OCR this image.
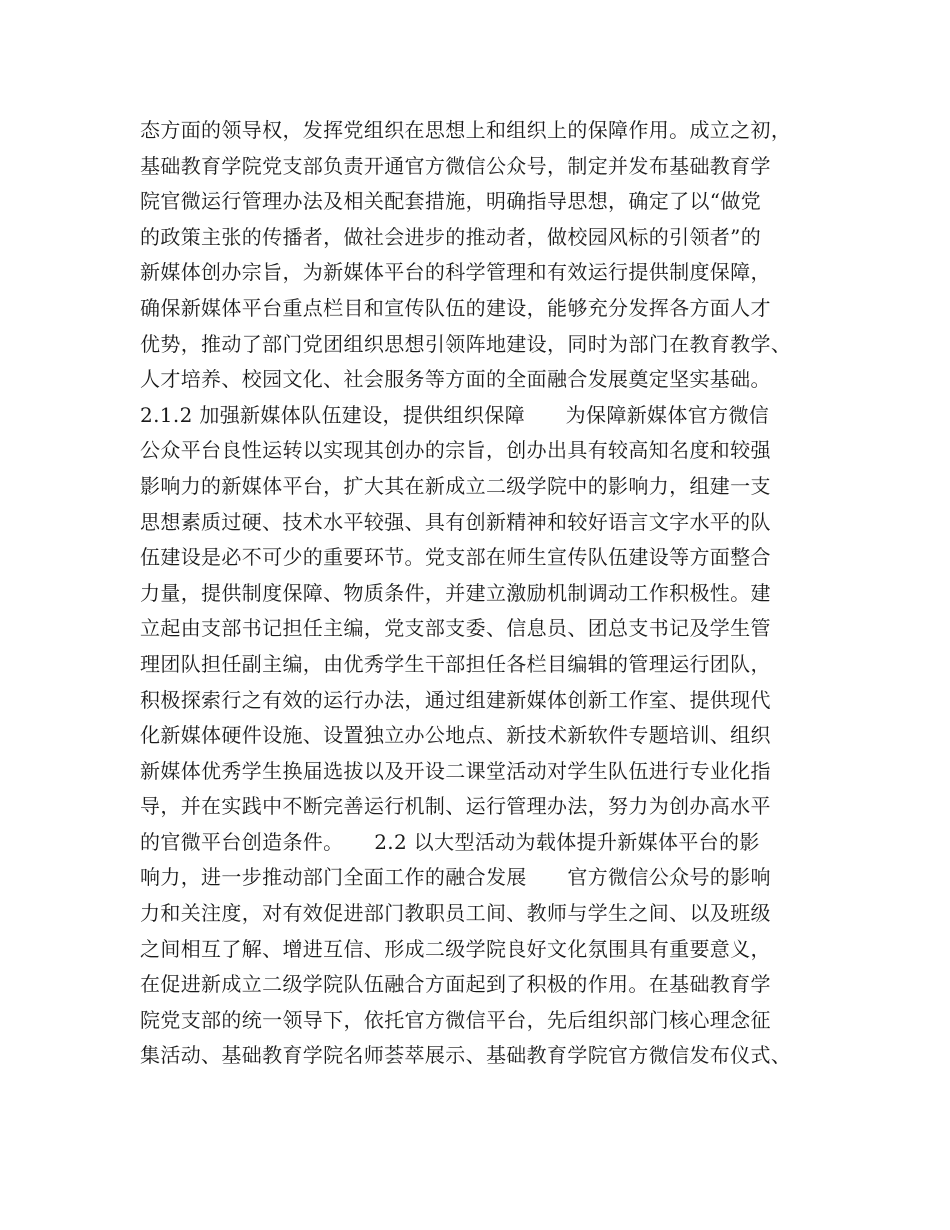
态方面的领导权，发挥党组织在思想上和组织上的保障作用。成立之初，
基础教育学院党支部负责开通官方微信公众号，制定并发布基础教育学
院官微运行管理办法及相关配套措施，明确指导思想，确定了以“做党
的政策主张的传播者，做社会进步的推动者，做校园风标的引领者”的
新媒体创办宗旨，为新媒体平台的科学管理和有效运行提供制度保障，
确保新媒体平台重点栏目和宣传队伍的建设，能够充分发挥各方面人才
优势，推动了部门党团组织思想引领阵地建设，同时为部门在教育教学、
人才培养、校园文化、社会服务等方面的全面融合发展奠定坚实基础。
2.1.2 加强新媒体队伍建设，提供组织保障　　为保障新媒体官方微信
公众平台良性运转以实现其创办的宗旨，创办出具有较高知名度和较强
影响力的新媒体平台，扩大其在新成立二级学院中的影响力，组建一支
思想素质过硬、技术水平较强、具有创新精神和较好语言文字水平的队
伍建设是必不可少的重要环节。党支部在师生宣传队伍建设等方面整合
力量，提供制度保障、物质条件，并建立激励机制调动工作积极性。建
立起由支部书记担任主编，党支部支委、信息员、团总支书记及学生管
理团队担任副主编，由优秀学生干部担任各栏目编辑的管理运行团队，
积极探索行之有效的运行办法，通过组建新媒体创新工作室、提供现代
化新媒体硬件设施、设置独立办公地点、新技术新软件专题培训、组织
新媒体优秀学生换届选拔以及开设二课堂活动对学生队伍进行专业化指
导，并在实践中不断完善运行机制、运行管理办法，努力为创办高水平
的官微平台创造条件。　　2.2 以大型活动为载体提升新媒体平台的影
响力，进一步推动部门全面工作的融合发展　　官方微信公众号的影响
力和关注度，对有效促进部门教职员工间、教师与学生之间、以及班级
之间相互了解、增进互信、形成二级学院良好文化氛围具有重要意义，
在促进新成立二级学院队伍融合方面起到了积极的作用。在基础教育学
院党支部的统一领导下，依托官方微信平台，先后组织部门核心理念征
集活动、基础教育学院名师荟萃展示、基础教育学院官方微信发布仪式、
